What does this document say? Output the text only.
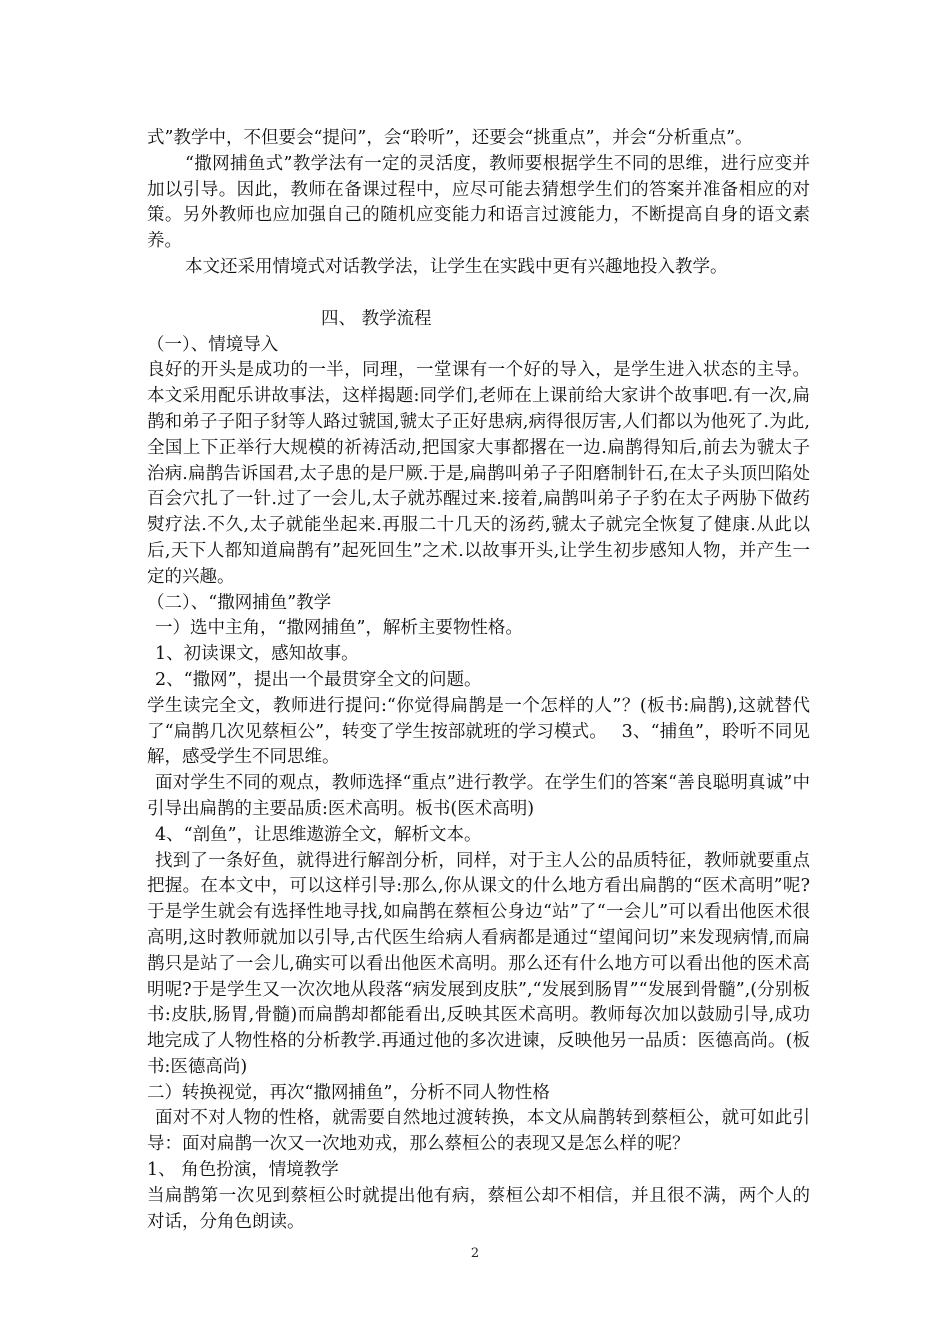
式”教学中，不但要会“提问”，会“聆听”，还要会“挑重点”，并会“分析重点”。

“撒网捕鱼式”教学法有一定的灵活度，教师要根据学生不同的思维，进行应变并加以引导。因此，教师在备课过程中，应尽可能去猜想学生们的答案并准备相应的对策。另外教师也应加强自己的随机应变能力和语言过渡能力，不断提高自身的语文素养。

本文还采用情境式对话教学法，让学生在实践中更有兴趣地投入教学。

四、 教学流程

（一）、情境导入

良好的开头是成功的一半，同理，一堂课有一个好的导入，是学生进入状态的主导。本文采用配乐讲故事法，这样揭题:同学们,老师在上课前给大家讲个故事吧.有一次,扁鹊和弟子子阳子豺等人路过虢国,虢太子正好患病,病得很厉害,人们都以为他死了.为此,全国上下正举行大规模的祈祷活动,把国家大事都撂在一边.扁鹊得知后,前去为虢太子治病.扁鹊告诉国君,太子患的是尸厥.于是,扁鹊叫弟子子阳磨制针石,在太子头顶凹陷处百会穴扎了一针.过了一会儿,太子就苏醒过来.接着,扁鹊叫弟子子豹在太子两胁下做药熨疗法.不久,太子就能坐起来.再服二十几天的汤药,虢太子就完全恢复了健康.从此以后,天下人都知道扁鹊有”起死回生”之术.以故事开头,让学生初步感知人物，并产生一定的兴趣。

（二）、“撒网捕鱼”教学

一）选中主角，“撒网捕鱼”，解析主要物性格。

1、初读课文，感知故事。

2、“撒网”，提出一个最贯穿全文的问题。

学生读完全文，教师进行提问:“你觉得扁鹊是一个怎样的人”？(板书:扁鹊),这就替代了“扁鹊几次见蔡桓公”，转变了学生按部就班的学习模式。　 3、“捕鱼”，聆听不同见解，感受学生不同思维。

面对学生不同的观点，教师选择“重点”进行教学。在学生们的答案“善良聪明真诚”中引导出扁鹊的主要品质:医术高明。板书(医术高明)

4、“剖鱼”，让思维遨游全文，解析文本。

找到了一条好鱼，就得进行解剖分析，同样，对于主人公的品质特征，教师就要重点把握。在本文中，可以这样引导:那么,你从课文的什么地方看出扁鹊的“医术高明”呢?于是学生就会有选择性地寻找,如扁鹊在蔡桓公身边“站”了“一会儿”可以看出他医术很高明,这时教师就加以引导,古代医生给病人看病都是通过“望闻问切”来发现病情,而扁鹊只是站了一会儿,确实可以看出他医术高明。那么还有什么地方可以看出他的医术高明呢?于是学生又一次次地从段落“病发展到皮肤”,“发展到肠胃”“发展到骨髓”,(分别板书:皮肤,肠胃,骨髓)而扁鹊却都能看出,反映其医术高明。教师每次加以鼓励引导,成功地完成了人物性格的分析教学.再通过他的多次进谏，反映他另一品质：医德高尚。(板书:医德高尚)

二）转换视觉，再次“撒网捕鱼”，分析不同人物性格

面对不对人物的性格，就需要自然地过渡转换，本文从扁鹊转到蔡桓公，就可如此引导：面对扁鹊一次又一次地劝戎，那么蔡桓公的表现又是怎么样的呢？

1、 角色扮演，情境教学

当扁鹊第一次见到蔡桓公时就提出他有病，蔡桓公却不相信，并且很不满，两个人的对话，分角色朗读。

2
